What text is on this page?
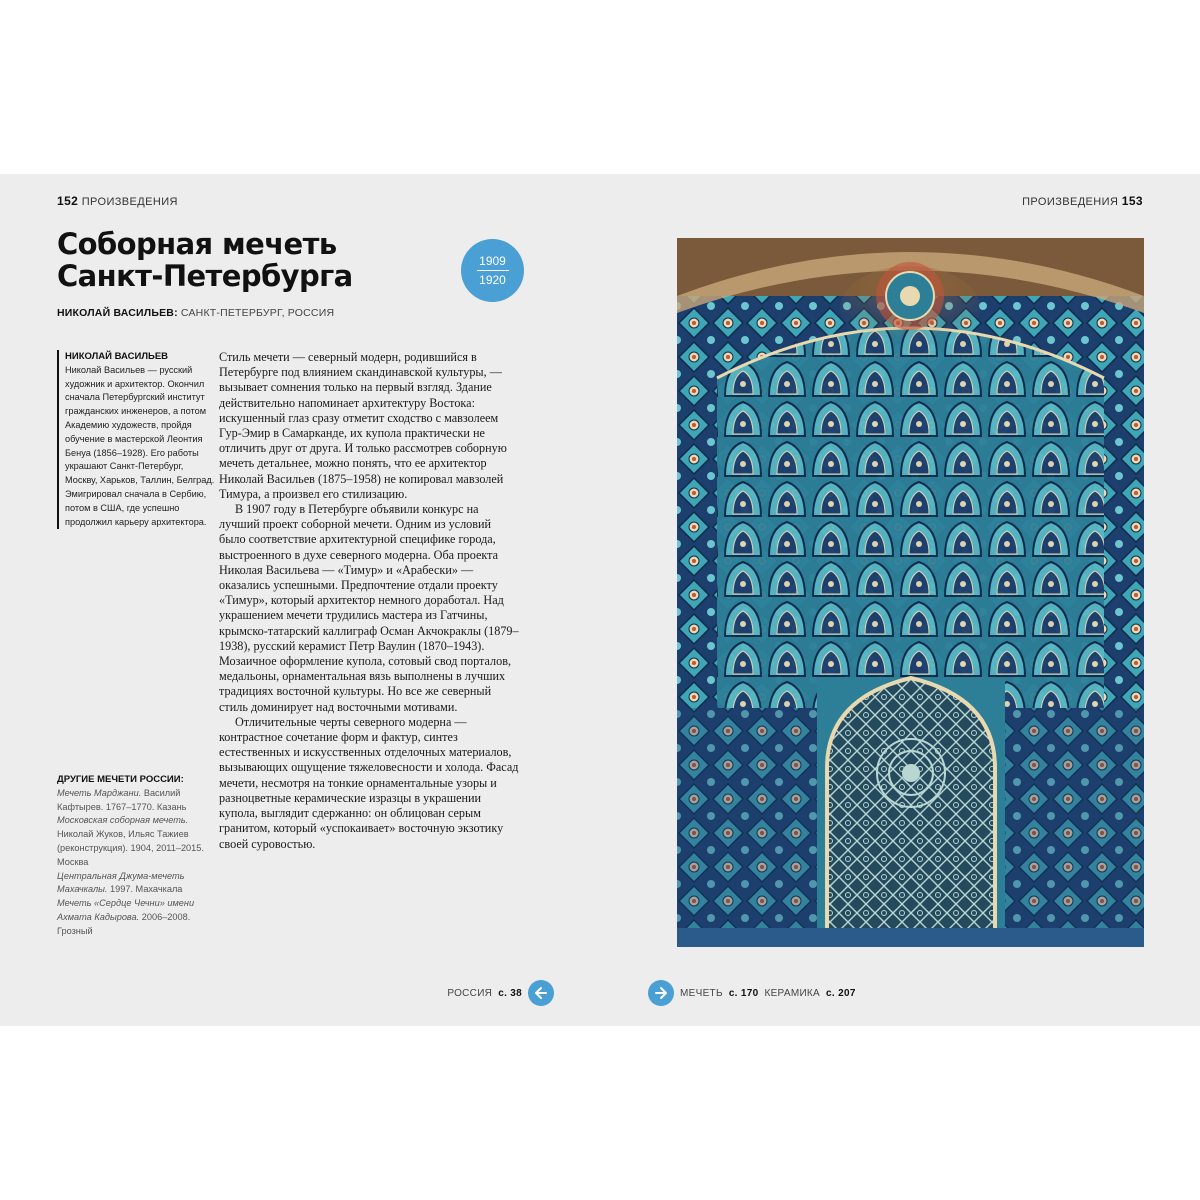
152 ПРОИЗВЕДЕНИЯ	ПРОИЗВЕДЕНИЯ 153
Соборная мечеть
Санкт-Петербурга	1909
1920
НИКОЛАЙ ВАСИЛЬЕВ: САНКТ-ПЕТЕРБУРГ, РОССИЯ
НИКОЛАЙ ВАСИЛЬЕВ

Николай Васильев — русский художник и архитектор. Окончил сначала Петербургский институт гражданских инженеров, а потом Академию художеств, пройдя обучение в мастерской Леонтия Бенуа (1856–1928). Его работы украшают Санкт-Петербург, Москву, Харьков, Таллин, Белград. Эмигрировал сначала в Сербию, потом в США, где успешно продолжил карьеру архитектора.

ДРУГИЕ МЕЧЕТИ РОССИИ:
Мечеть Марджани. Василий Кафтырев. 1767–1770. Казань
Московская соборная мечеть. Николай Жуков, Ильяс Тажиев (реконструкция). 1904, 2011–2015. Москва
Центральная Джума-мечеть Махачкалы. 1997. Махачкала
Мечеть «Сердце Чечни» имени Ахмата Кадырова. 2006–2008. Грозный

Стиль мечети — северный модерн, родившийся в Петербурге под влиянием скандинавской культуры, — вызывает сомнения только на первый взгляд. Здание действительно напоминает архитектуру Востока: искушенный глаз сразу отметит сходство с мавзолеем Гур-Эмир в Самарканде, их купола практически не отличить друг от друга. И только рассмотрев соборную мечеть детальнее, можно понять, что ее архитектор Николай Васильев (1875–1958) не копировал мавзолей Тимура, а произвел его стилизацию.

В 1907 году в Петербурге объявили конкурс на лучший проект соборной мечети. Одним из условий было соответствие архитектурной специфике города, выстроенного в духе северного модерна. Оба проекта Николая Васильева — «Тимур» и «Арабески» — оказались успешными. Предпочтение отдали проекту «Тимур», который архитектор немного доработал. Над украшением мечети трудились мастера из Гатчины, крымско-татарский каллиграф Осман Акчокраклы (1879–1938), русский керамист Петр Ваулин (1870–1943). Мозаичное оформление купола, сотовый свод порталов, медальоны, орнаментальная вязь выполнены в лучших традициях восточной культуры. Но все же северный стиль доминирует над восточными мотивами.

Отличительные черты северного модерна — контрастное сочетание форм и фактур, синтез естественных и искусственных отделочных материалов, вызывающих ощущение тяжеловесности и холода. Фасад мечети, несмотря на тонкие орнаментальные узоры и разноцветные керамические изразцы в украшении купола, выглядит сдержанно: он облицован серым гранитом, который «успокаивает» восточную экзотику своей суровостью.

РОССИЯ с. 38	МЕЧЕТЬ с. 170 КЕРАМИКА с. 207
